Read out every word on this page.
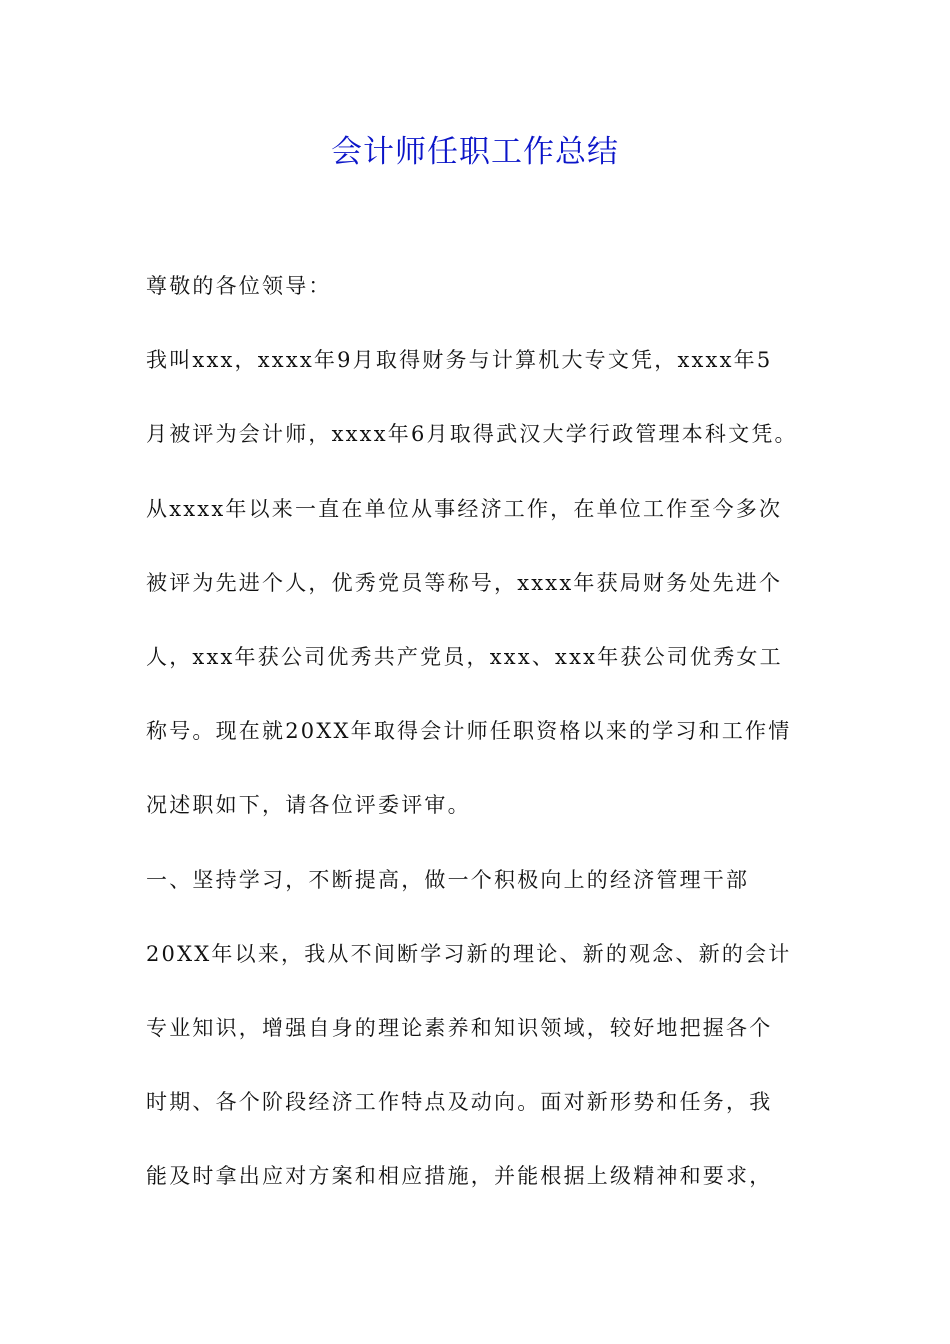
会计师任职工作总结
尊敬的各位领导：
我叫xxx，xxxx年9月取得财务与计算机大专文凭，xxxx年5
月被评为会计师，xxxx年6月取得武汉大学行政管理本科文凭。
从xxxx年以来一直在单位从事经济工作，在单位工作至今多次
被评为先进个人，优秀党员等称号，xxxx年获局财务处先进个
人，xxx年获公司优秀共产党员，xxx、xxx年获公司优秀女工
称号。现在就20XX年取得会计师任职资格以来的学习和工作情
况述职如下，请各位评委评审。
一、坚持学习，不断提高，做一个积极向上的经济管理干部
20XX年以来，我从不间断学习新的理论、新的观念、新的会计
专业知识，增强自身的理论素养和知识领域，较好地把握各个
时期、各个阶段经济工作特点及动向。面对新形势和任务，我
能及时拿出应对方案和相应措施，并能根据上级精神和要求，
